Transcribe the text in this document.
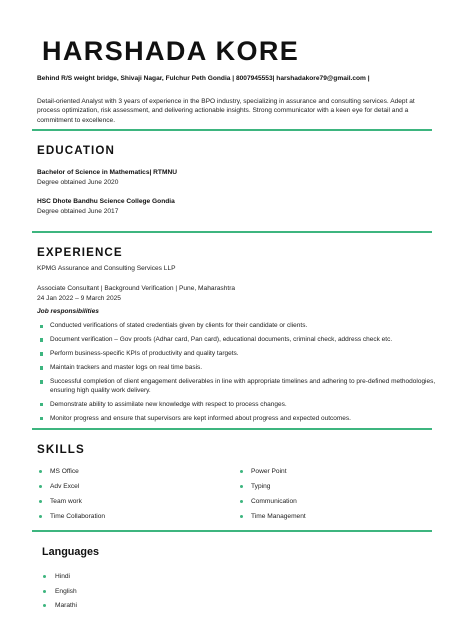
HARSHADA KORE
Behind R/S weight bridge, Shivaji Nagar, Fulchur Peth Gondia | 8007945553| harshadakore79@gmail.com |
Detail-oriented Analyst with 3 years of experience in the BPO industry, specializing in assurance and consulting services. Adept at process optimization, risk assessment, and delivering actionable insights. Strong communicator with a keen eye for detail and a commitment to excellence.
EDUCATION
Bachelor of Science in Mathematics| RTMNU
Degree obtained June 2020
HSC Dhote Bandhu Science College Gondia
Degree obtained June 2017
EXPERIENCE
KPMG Assurance and Consulting Services LLP
Associate Consultant | Background Verification | Pune, Maharashtra
24 Jan 2022 – 9 March 2025
Job responsibilities
Conducted verifications of stated credentials given by clients for their candidate or clients.
Document verification – Gov proofs (Adhar card, Pan card), educational documents, criminal check, address check etc.
Perform business-specific KPIs of productivity and quality targets.
Maintain trackers and master logs on real time basis.
Successful completion of client engagement deliverables in line with appropriate timelines and adhering to pre-defined methodologies, ensuring high quality work delivery.
Demonstrate ability to assimilate new knowledge with respect to process changes.
Monitor progress and ensure that supervisors are kept informed about progress and expected outcomes.
SKILLS
MS Office
Adv Excel
Team work
Time Collaboration
Power Point
Typing
Communication
Time Management
Languages
Hindi
English
Marathi
